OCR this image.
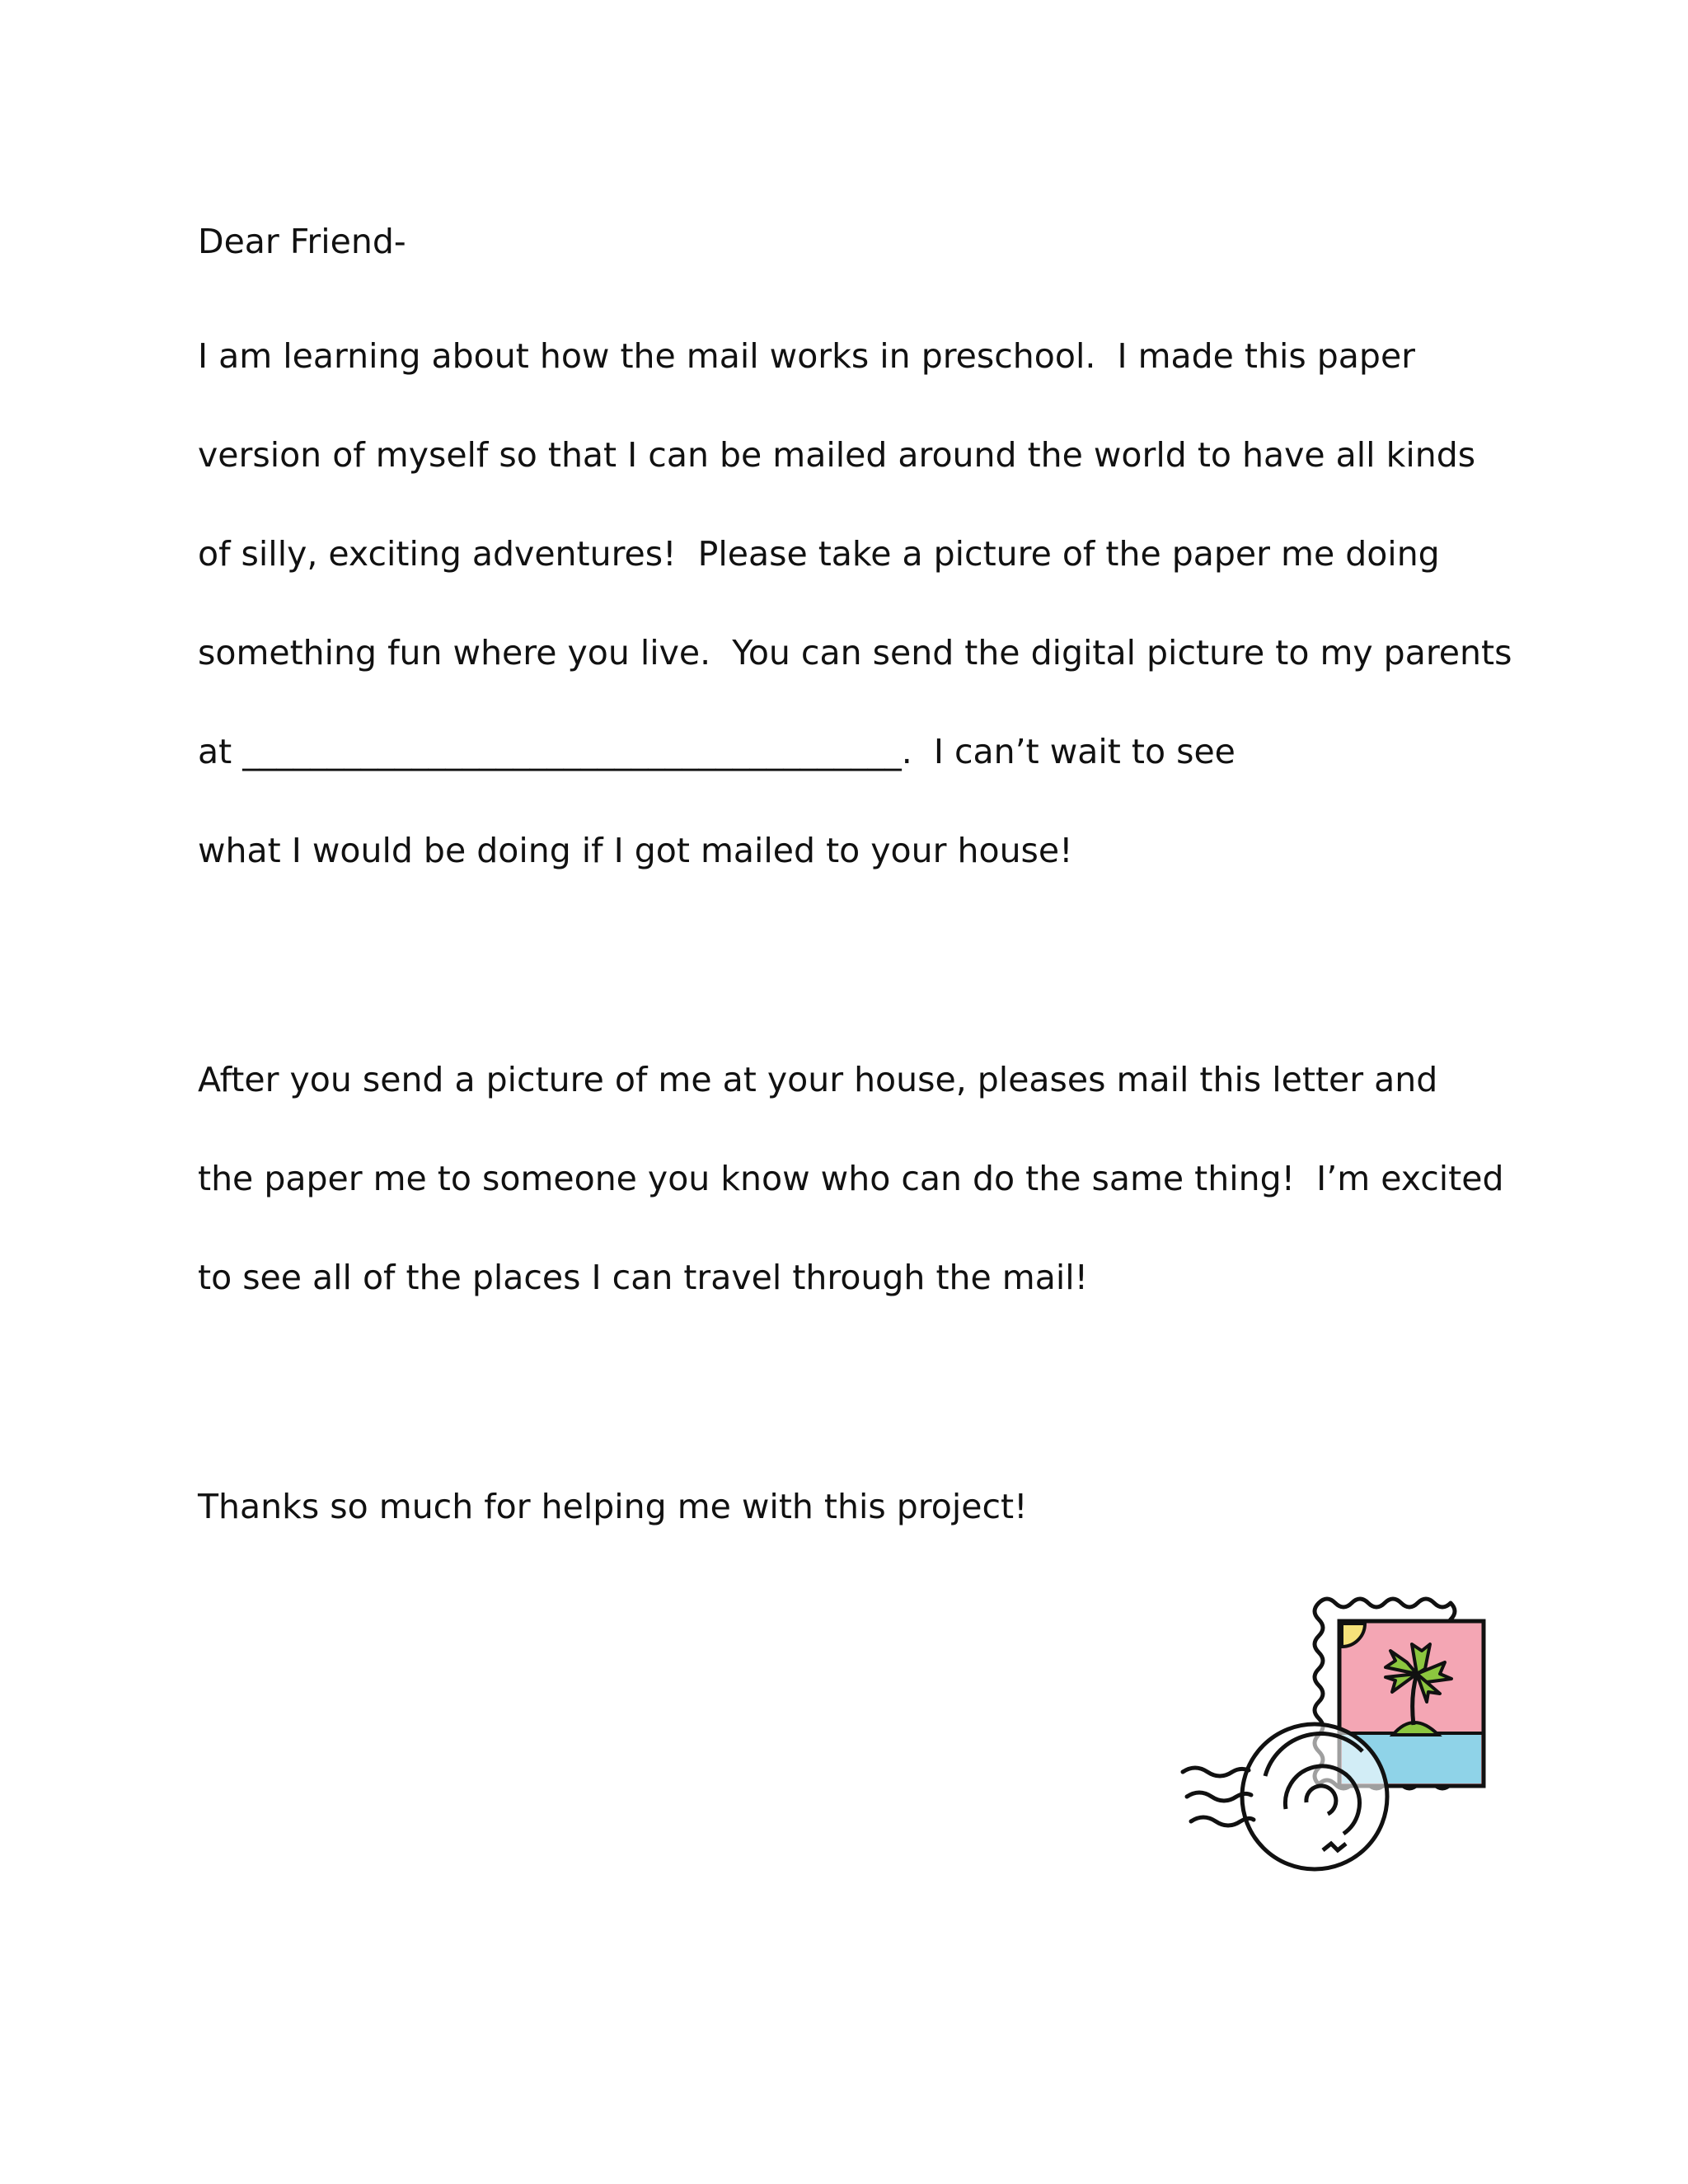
Dear Friend-
I am learning about how the mail works in preschool.  I made this paper
version of myself so that I can be mailed around the world to have all kinds
of silly, exciting adventures!  Please take a picture of the paper me doing
something fun where you live.  You can send the digital picture to my parents
at _______________________________________.  I can’t wait to see
what I would be doing if I got mailed to your house!
After you send a picture of me at your house, pleases mail this letter and
the paper me to someone you know who can do the same thing!  I’m excited
to see all of the places I can travel through the mail!
Thanks so much for helping me with this project!
